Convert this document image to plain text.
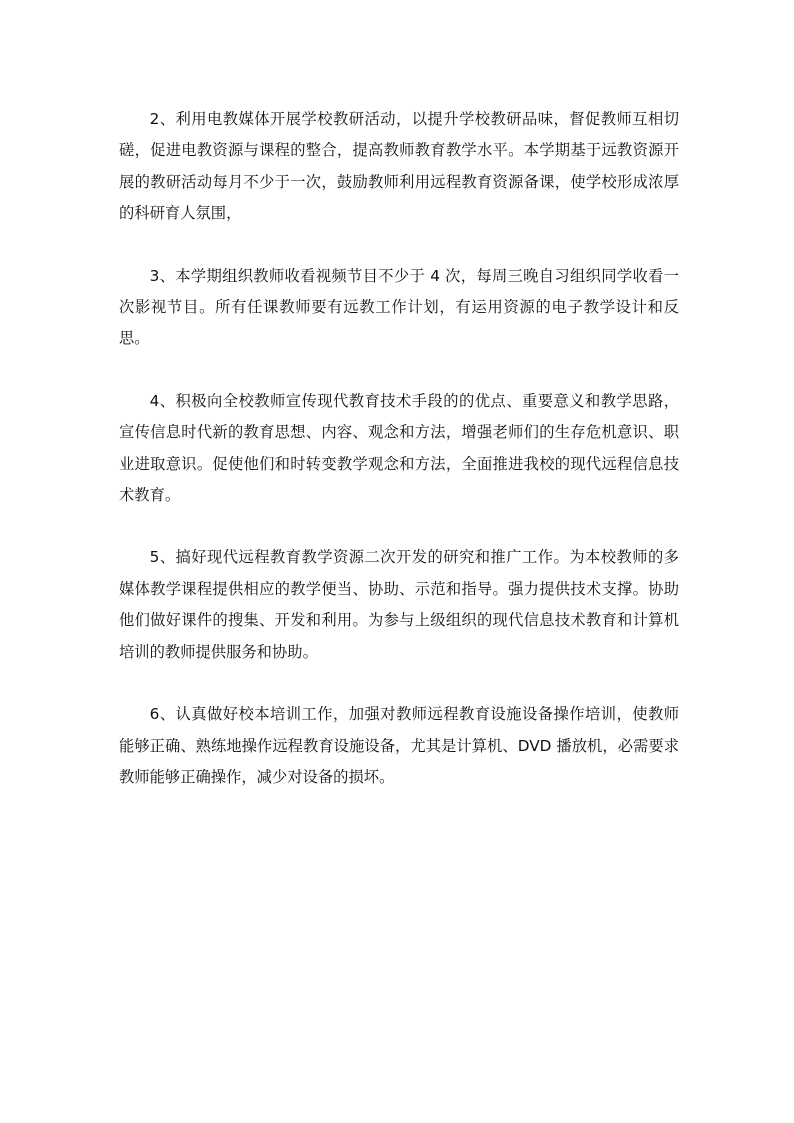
2、利用电教媒体开展学校教研活动，以提升学校教研品味，督促教师互相切磋，促进电教资源与课程的整合，提高教师教育教学水平。本学期基于远教资源开展的教研活动每月不少于一次，鼓励教师利用远程教育资源备课，使学校形成浓厚的科研育人氛围，

3、本学期组织教师收看视频节目不少于 4 次，每周三晚自习组织同学收看一次影视节目。所有任课教师要有远教工作计划，有运用资源的电子教学设计和反思。

4、积极向全校教师宣传现代教育技术手段的的优点、重要意义和教学思路，宣传信息时代新的教育思想、内容、观念和方法，增强老师们的生存危机意识、职业进取意识。促使他们和时转变教学观念和方法，全面推进我校的现代远程信息技术教育。

5、搞好现代远程教育教学资源二次开发的研究和推广工作。为本校教师的多媒体教学课程提供相应的教学便当、协助、示范和指导。强力提供技术支撑。协助他们做好课件的搜集、开发和利用。为参与上级组织的现代信息技术教育和计算机培训的教师提供服务和协助。

6、认真做好校本培训工作，加强对教师远程教育设施设备操作培训，使教师能够正确、熟练地操作远程教育设施设备，尤其是计算机、DVD 播放机，必需要求教师能够正确操作，减少对设备的损坏。
